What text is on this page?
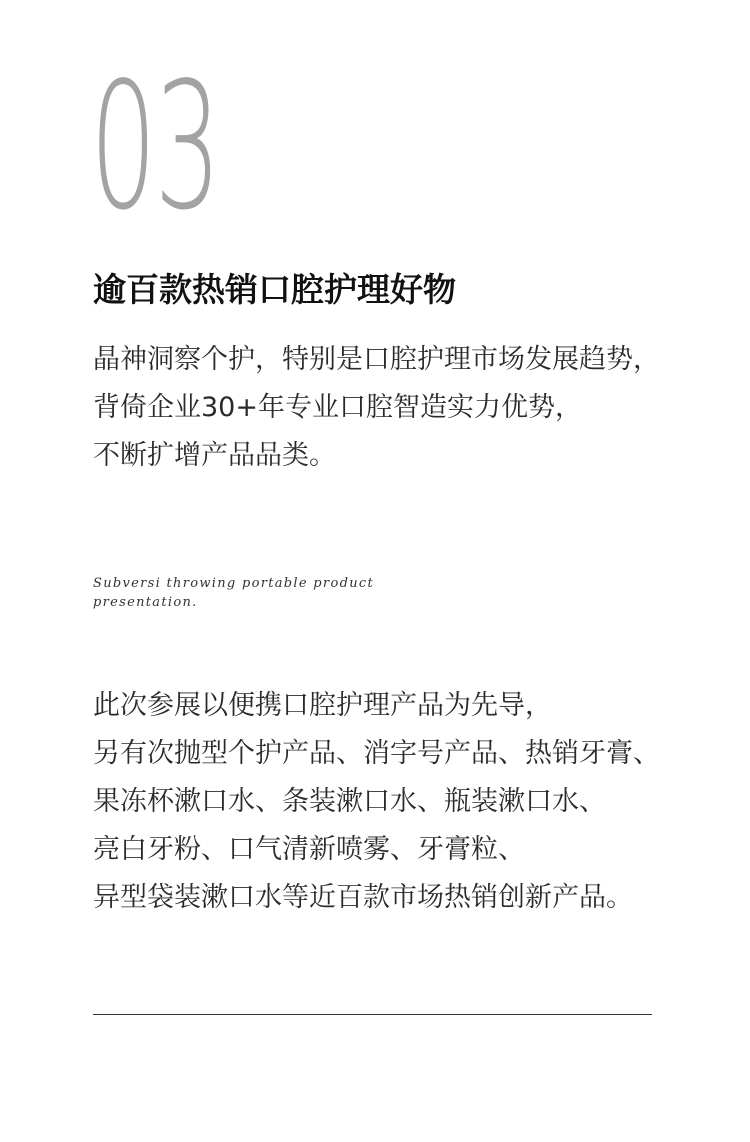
03
逾百款热销口腔护理好物

晶神洞察个护，特别是口腔护理市场发展趋势，
背倚企业30+年专业口腔智造实力优势，
不断扩增产品品类。

Subversi throwing portable product presentation.

此次参展以便携口腔护理产品为先导，
另有次抛型个护产品、消字号产品、热销牙膏、
果冻杯漱口水、条装漱口水、瓶装漱口水、
亮白牙粉、口气清新喷雾、牙膏粒、
异型袋装漱口水等近百款市场热销创新产品。
